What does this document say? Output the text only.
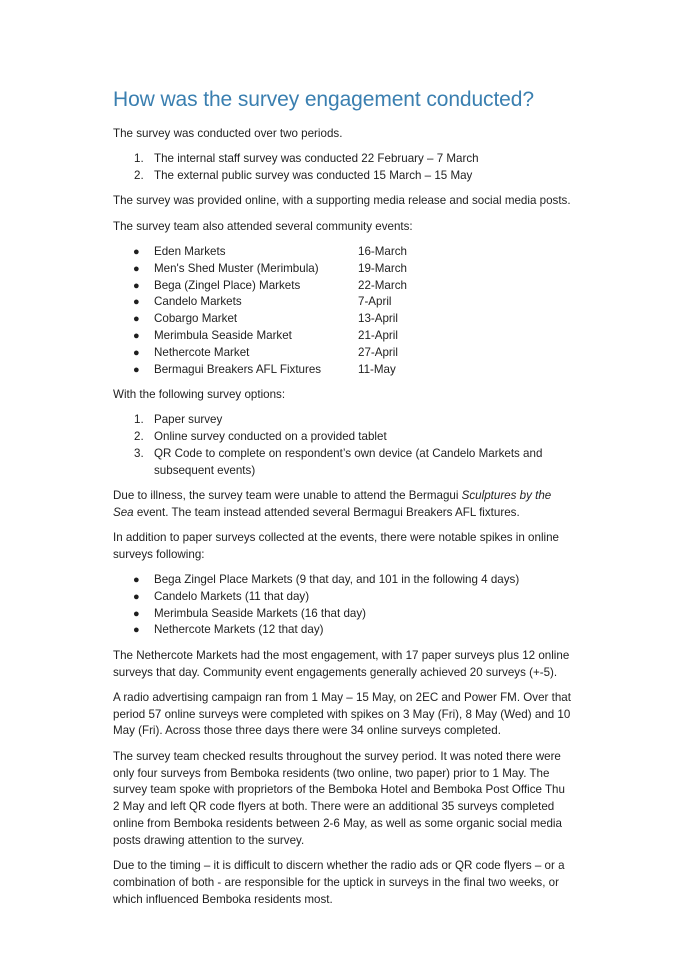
How was the survey engagement conducted?

The survey was conducted over two periods.

1. The internal staff survey was conducted 22 February – 7 March
2. The external public survey was conducted 15 March – 15 May

The survey was provided online, with a supporting media release and social media posts.

The survey team also attended several community events:

● Eden Markets	16-March
● Men's Shed Muster (Merimbula)	19-March
● Bega (Zingel Place) Markets	22-March
● Candelo Markets	7-April
● Cobargo Market	13-April
● Merimbula Seaside Market	21-April
● Nethercote Market	27-April
● Bermagui Breakers AFL Fixtures	11-May

With the following survey options:

1. Paper survey
2. Online survey conducted on a provided tablet
3. QR Code to complete on respondent’s own device (at Candelo Markets and subsequent events)

Due to illness, the survey team were unable to attend the Bermagui Sculptures by the Sea event. The team instead attended several Bermagui Breakers AFL fixtures.

In addition to paper surveys collected at the events, there were notable spikes in online surveys following:

● Bega Zingel Place Markets (9 that day, and 101 in the following 4 days)
● Candelo Markets (11 that day)
● Merimbula Seaside Markets (16 that day)
● Nethercote Markets (12 that day)

The Nethercote Markets had the most engagement, with 17 paper surveys plus 12 online surveys that day. Community event engagements generally achieved 20 surveys (+-5).

A radio advertising campaign ran from 1 May – 15 May, on 2EC and Power FM. Over that period 57 online surveys were completed with spikes on 3 May (Fri), 8 May (Wed) and 10 May (Fri). Across those three days there were 34 online surveys completed.

The survey team checked results throughout the survey period. It was noted there were only four surveys from Bemboka residents (two online, two paper) prior to 1 May. The survey team spoke with proprietors of the Bemboka Hotel and Bemboka Post Office Thu 2 May and left QR code flyers at both. There were an additional 35 surveys completed online from Bemboka residents between 2-6 May, as well as some organic social media posts drawing attention to the survey.

Due to the timing – it is difficult to discern whether the radio ads or QR code flyers – or a combination of both - are responsible for the uptick in surveys in the final two weeks, or which influenced Bemboka residents most.
